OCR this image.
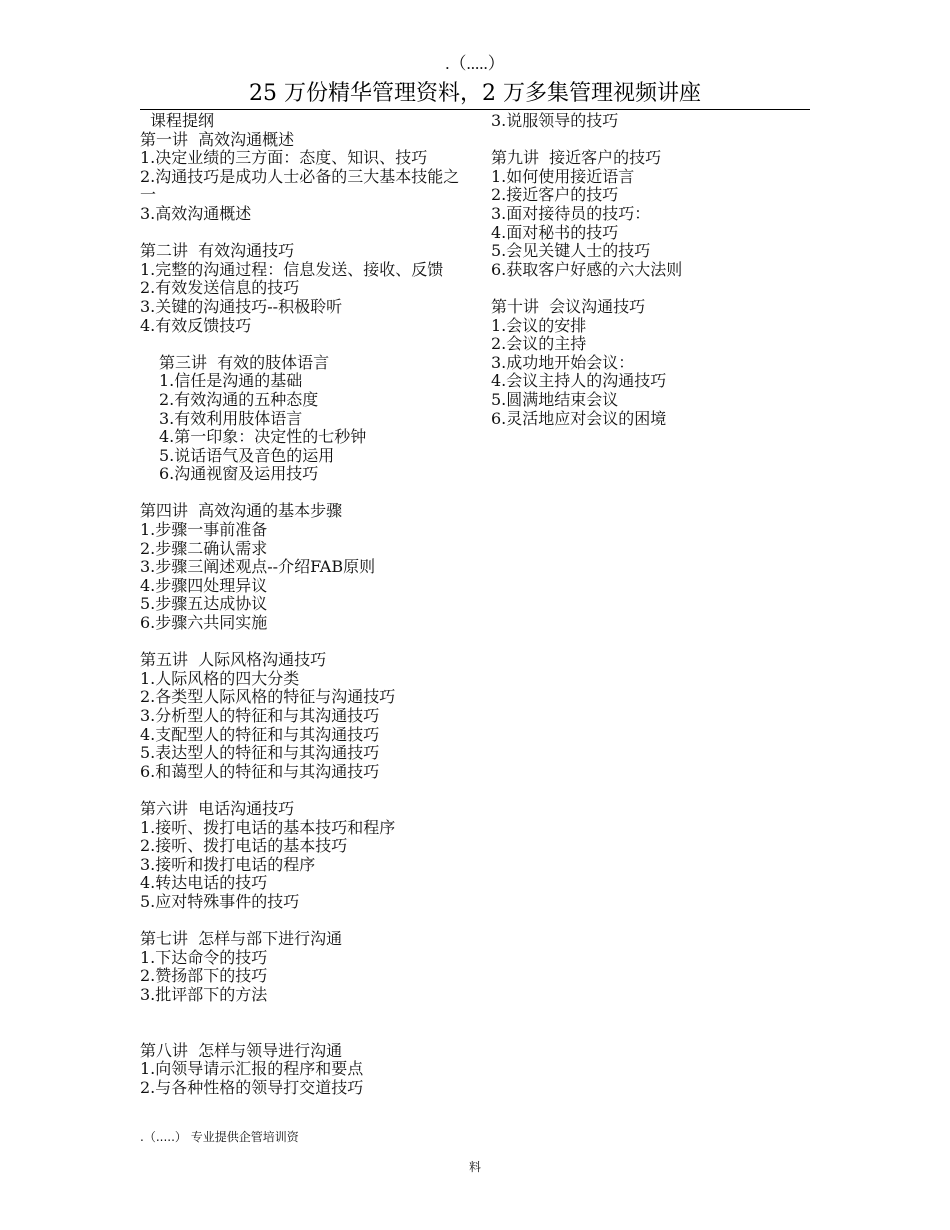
.（.....）
25 万份精华管理资料，2 万多集管理视频讲座
课程提纲
第一讲  高效沟通概述
1.决定业绩的三方面：态度、知识、技巧
2.沟通技巧是成功人士必备的三大基本技能之一
3.高效沟通概述
第二讲  有效沟通技巧
1.完整的沟通过程：信息发送、接收、反馈
2.有效发送信息的技巧
3.关键的沟通技巧--积极聆听
4.有效反馈技巧
第三讲  有效的肢体语言
1.信任是沟通的基础
2.有效沟通的五种态度
3.有效利用肢体语言
4.第一印象：决定性的七秒钟
5.说话语气及音色的运用
6.沟通视窗及运用技巧
第四讲  高效沟通的基本步骤
1.步骤一事前准备
2.步骤二确认需求
3.步骤三阐述观点--介绍FAB原则
4.步骤四处理异议
5.步骤五达成协议
6.步骤六共同实施
第五讲  人际风格沟通技巧
1.人际风格的四大分类
2.各类型人际风格的特征与沟通技巧
3.分析型人的特征和与其沟通技巧
4.支配型人的特征和与其沟通技巧
5.表达型人的特征和与其沟通技巧
6.和蔼型人的特征和与其沟通技巧
第六讲  电话沟通技巧
1.接听、拨打电话的基本技巧和程序
2.接听、拨打电话的基本技巧
3.接听和拨打电话的程序
4.转达电话的技巧
5.应对特殊事件的技巧
第七讲  怎样与部下进行沟通
1.下达命令的技巧
2.赞扬部下的技巧
3.批评部下的方法
第八讲  怎样与领导进行沟通
1.向领导请示汇报的程序和要点
2.与各种性格的领导打交道技巧
3.说服领导的技巧
第九讲  接近客户的技巧
1.如何使用接近语言
2.接近客户的技巧
3.面对接待员的技巧：
4.面对秘书的技巧
5.会见关键人士的技巧
6.获取客户好感的六大法则
第十讲  会议沟通技巧
1.会议的安排
2.会议的主持
3.成功地开始会议：
4.会议主持人的沟通技巧
5.圆满地结束会议
6.灵活地应对会议的困境
.（.....） 专业提供企管培训资
料
